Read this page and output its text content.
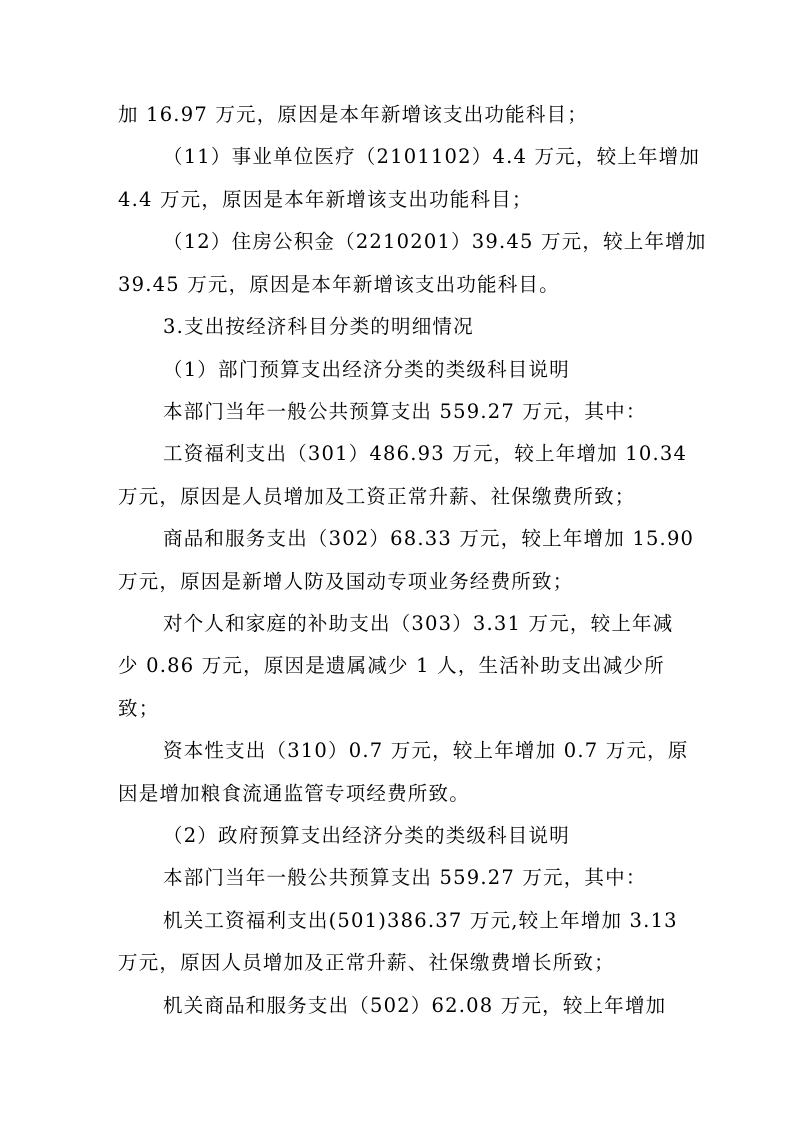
加 16.97 万元，原因是本年新增该支出功能科目；
（11）事业单位医疗（2101102）4.4 万元，较上年增加
4.4 万元，原因是本年新增该支出功能科目；
（12）住房公积金（2210201）39.45 万元，较上年增加
39.45 万元，原因是本年新增该支出功能科目。
3.支出按经济科目分类的明细情况
（1）部门预算支出经济分类的类级科目说明
本部门当年一般公共预算支出 559.27 万元，其中：
工资福利支出（301）486.93 万元，较上年增加 10.34
万元，原因是人员增加及工资正常升薪、社保缴费所致；
商品和服务支出（302）68.33 万元，较上年增加 15.90
万元，原因是新增人防及国动专项业务经费所致；
对个人和家庭的补助支出（303）3.31 万元，较上年减
少 0.86 万元，原因是遗属减少 1 人，生活补助支出减少所
致；
资本性支出（310）0.7 万元，较上年增加 0.7 万元，原
因是增加粮食流通监管专项经费所致。
（2）政府预算支出经济分类的类级科目说明
本部门当年一般公共预算支出 559.27 万元，其中：
机关工资福利支出(501)386.37 万元,较上年增加 3.13
万元，原因人员增加及正常升薪、社保缴费增长所致；
机关商品和服务支出（502）62.08 万元，较上年增加
